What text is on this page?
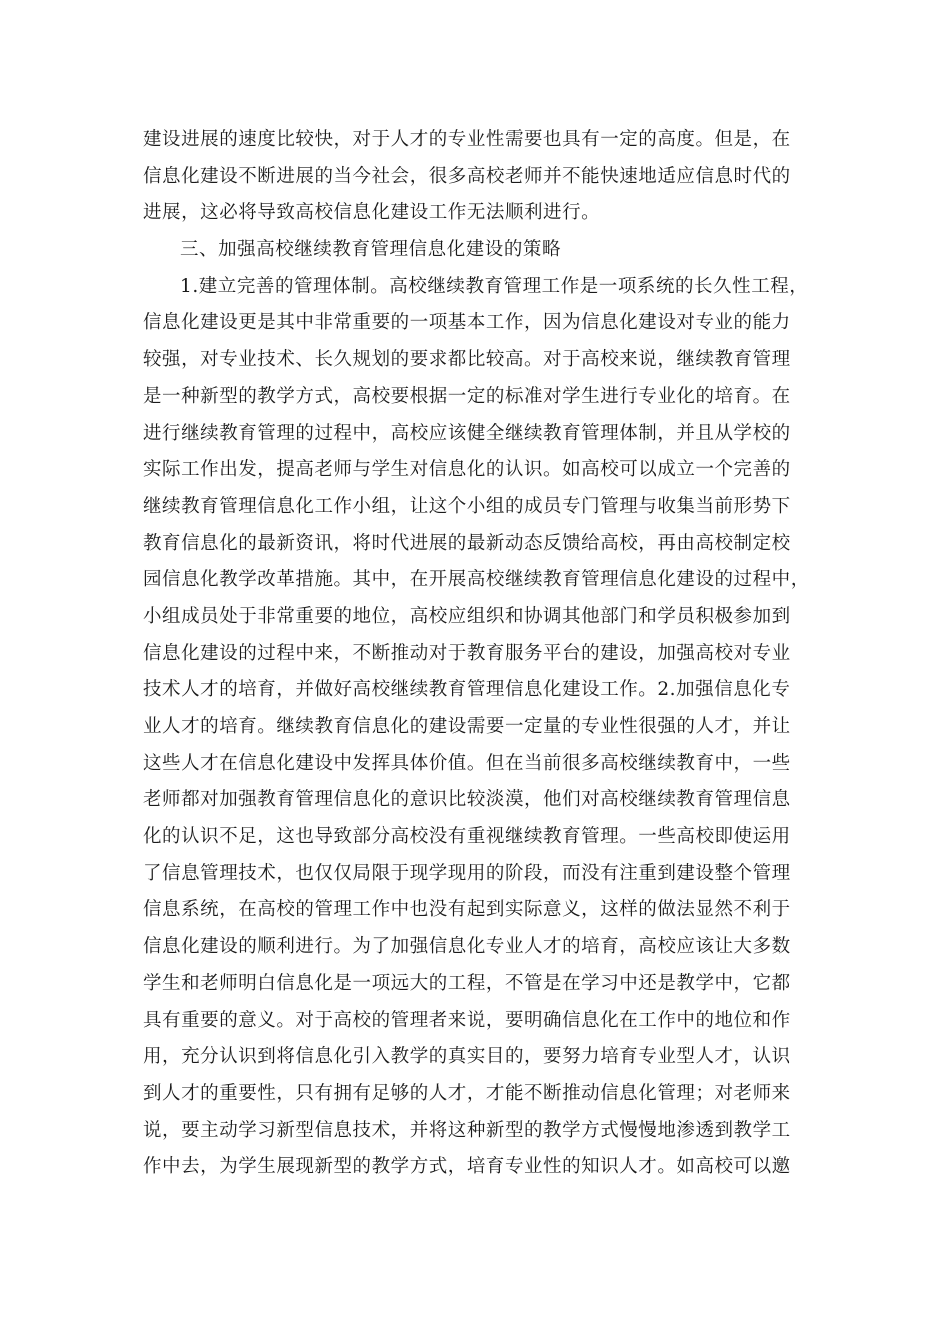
建设进展的速度比较快，对于人才的专业性需要也具有一定的高度。但是，在
信息化建设不断进展的当今社会，很多高校老师并不能快速地适应信息时代的
进展，这必将导致高校信息化建设工作无法顺利进行。
三、加强高校继续教育管理信息化建设的策略
1.建立完善的管理体制。高校继续教育管理工作是一项系统的长久性工程，
信息化建设更是其中非常重要的一项基本工作，因为信息化建设对专业的能力
较强，对专业技术、长久规划的要求都比较高。对于高校来说，继续教育管理
是一种新型的教学方式，高校要根据一定的标准对学生进行专业化的培育。在
进行继续教育管理的过程中，高校应该健全继续教育管理体制，并且从学校的
实际工作出发，提高老师与学生对信息化的认识。如高校可以成立一个完善的
继续教育管理信息化工作小组，让这个小组的成员专门管理与收集当前形势下
教育信息化的最新资讯，将时代进展的最新动态反馈给高校，再由高校制定校
园信息化教学改革措施。其中，在开展高校继续教育管理信息化建设的过程中，
小组成员处于非常重要的地位，高校应组织和协调其他部门和学员积极参加到
信息化建设的过程中来，不断推动对于教育服务平台的建设，加强高校对专业
技术人才的培育，并做好高校继续教育管理信息化建设工作。2.加强信息化专
业人才的培育。继续教育信息化的建设需要一定量的专业性很强的人才，并让
这些人才在信息化建设中发挥具体价值。但在当前很多高校继续教育中，一些
老师都对加强教育管理信息化的意识比较淡漠，他们对高校继续教育管理信息
化的认识不足，这也导致部分高校没有重视继续教育管理。一些高校即使运用
了信息管理技术，也仅仅局限于现学现用的阶段，而没有注重到建设整个管理
信息系统，在高校的管理工作中也没有起到实际意义，这样的做法显然不利于
信息化建设的顺利进行。为了加强信息化专业人才的培育，高校应该让大多数
学生和老师明白信息化是一项远大的工程，不管是在学习中还是教学中，它都
具有重要的意义。对于高校的管理者来说，要明确信息化在工作中的地位和作
用，充分认识到将信息化引入教学的真实目的，要努力培育专业型人才，认识
到人才的重要性，只有拥有足够的人才，才能不断推动信息化管理；对老师来
说，要主动学习新型信息技术，并将这种新型的教学方式慢慢地渗透到教学工
作中去，为学生展现新型的教学方式，培育专业性的知识人才。如高校可以邀
